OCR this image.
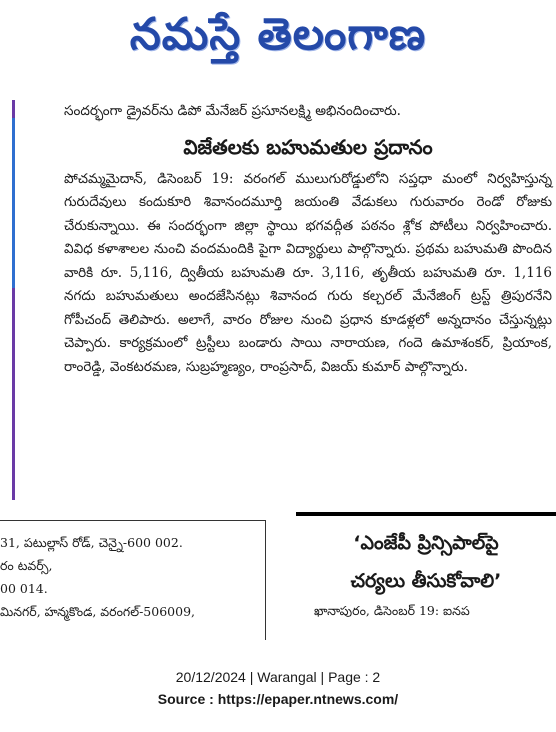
నమస్తే తెలంగాణ

సందర్భంగా డ్రైవర్‌ను డిపో మేనేజర్ ప్రసూనలక్ష్మి అభినందించారు.

విజేతలకు బహుమతుల ప్రదానం

పోచమ్మమైదాన్, డిసెంబర్ 19: వరంగల్ ములుగురోడ్డులోని సప్తధా మంలో నిర్వహిస్తున్న గురుదేవులు కందుకూరి శివానందమూర్తి జయంతి వేడుకలు గురువారం రెండో రోజుకు చేరుకున్నాయి. ఈ సందర్భంగా జిల్లా స్థాయి భగవద్గీత పఠనం శ్లోక పోటీలు నిర్వహించారు. వివిధ కళాశాలల నుంచి వందమందికి పైగా విద్యార్థులు పాల్గొన్నారు. ప్రథమ బహుమతి పొందిన వారికి రూ. 5,116, ద్వితీయ బహుమతి రూ. 3,116, తృతీయ బహుమతి రూ. 1,116 నగదు బహుమతులు అందజేసినట్లు శివానంద గురు కల్చరల్ మేనేజింగ్ ట్రస్ట్ త్రిపురనేని గోపీచంద్ తెలిపారు. అలాగే, వారం రోజుల నుంచి ప్రధాన కూడళ్లలో అన్నదానం చేస్తున్నట్లు చెప్పారు. కార్యక్రమంలో ట్రస్టీలు బండారు సాయి నారాయణ, గందె ఉమాశంకర్, ప్రియాంక, రాంరెడ్డి, వెంకటరమణ, సుబ్రహ్మణ్యం, రాంప్రసాద్, విజయ్ కుమార్ పాల్గొన్నారు.

31, పటుల్లాస్ రోడ్, చెన్నై-600 002.
రం టవర్స్,
00 014.
మినగర్, హన్మకొండ, వరంగల్-506009,
‘ఎంజేపీ ప్రిన్సిపాల్‌పై
చర్యలు తీసుకోవాలి’
ఖానాపురం, డిసెంబర్ 19: ఐనప
20/12/2024 | Warangal | Page : 2
Source : https://epaper.ntnews.com/
